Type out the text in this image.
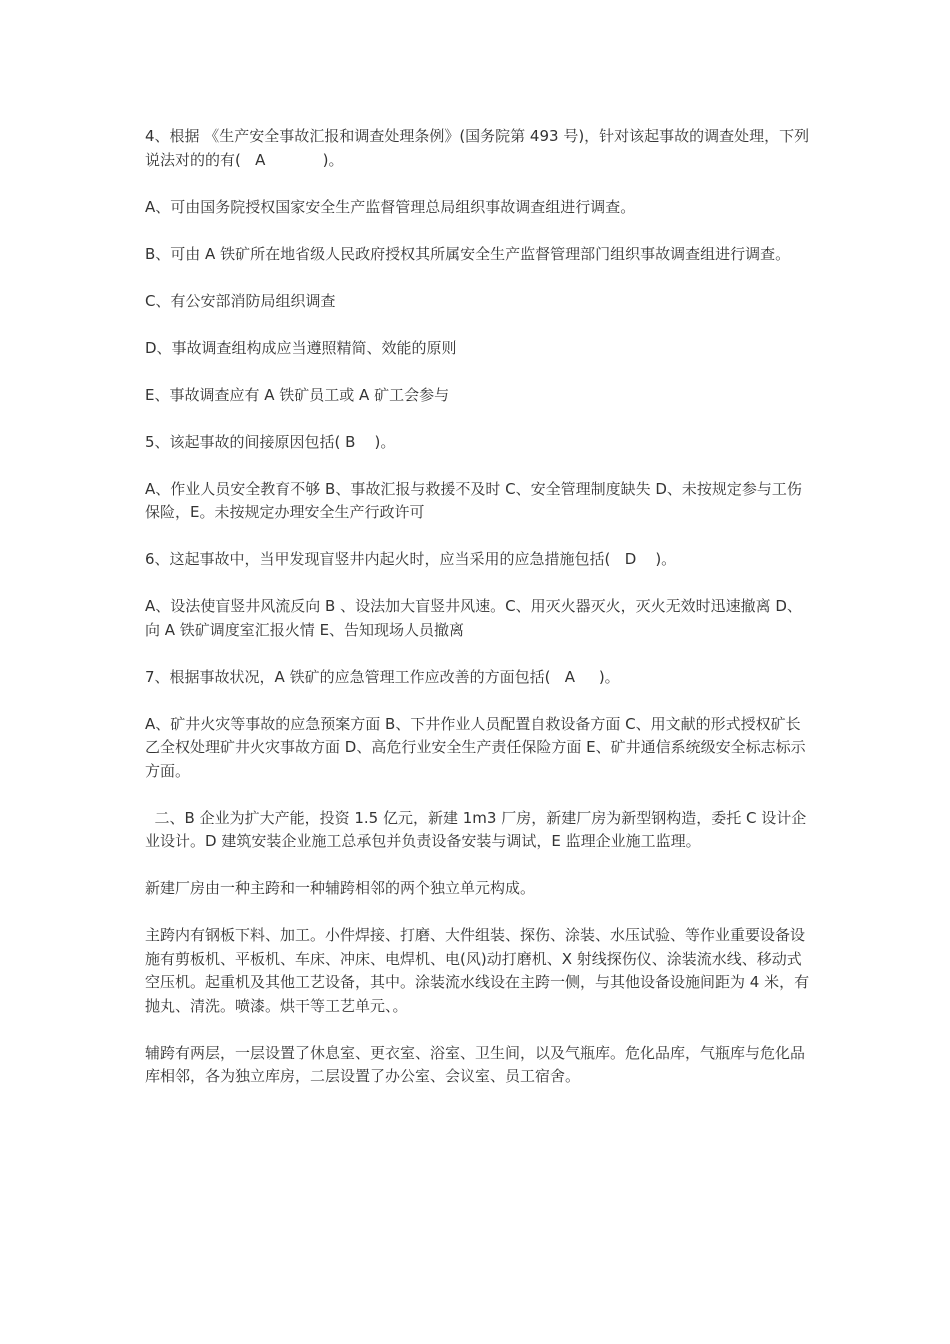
4、根据 《生产安全事故汇报和调查处理条例》(国务院第 493 号)，针对该起事故的调查处理，下列说法对的的有(   A            )。

A、可由国务院授权国家安全生产监督管理总局组织事故调查组进行调查。

B、可由 A 铁矿所在地省级人民政府授权其所属安全生产监督管理部门组织事故调查组进行调查。

C、有公安部消防局组织调查

D、事故调查组构成应当遵照精简、效能的原则

E、事故调查应有 A 铁矿员工或 A 矿工会参与

5、该起事故的间接原因包括( B    )。

A、作业人员安全教育不够 B、事故汇报与救援不及时 C、安全管理制度缺失 D、未按规定参与工伤保险，E。未按规定办理安全生产行政许可

6、这起事故中，当甲发现盲竖井内起火时，应当采用的应急措施包括(   D    )。

A、设法使盲竖井风流反向 B 、设法加大盲竖井风速。C、用灭火器灭火，灭火无效时迅速撤离 D、向 A 铁矿调度室汇报火情 E、告知现场人员撤离

7、根据事故状况，A 铁矿的应急管理工作应改善的方面包括(   A     )。

A、矿井火灾等事故的应急预案方面 B、下井作业人员配置自救设备方面 C、用文献的形式授权矿长乙全权处理矿井火灾事故方面 D、高危行业安全生产责任保险方面 E、矿井通信系统级安全标志标示方面。

二、B 企业为扩大产能，投资 1.5 亿元，新建 1m3 厂房，新建厂房为新型钢构造，委托 C 设计企业设计。D 建筑安装企业施工总承包并负责设备安装与调试，E 监理企业施工监理。

新建厂房由一种主跨和一种辅跨相邻的两个独立单元构成。

主跨内有钢板下料、加工。小件焊接、打磨、大件组装、探伤、涂装、水压试验、等作业重要设备设施有剪板机、平板机、车床、冲床、电焊机、电(风)动打磨机、X 射线探伤仪、涂装流水线、移动式空压机。起重机及其他工艺设备，其中。涂装流水线设在主跨一侧，与其他设备设施间距为 4 米，有抛丸、清洗。喷漆。烘干等工艺单元、。

辅跨有两层，一层设置了休息室、更衣室、浴室、卫生间，以及气瓶库。危化品库，气瓶库与危化品库相邻，各为独立库房，二层设置了办公室、会议室、员工宿舍。
